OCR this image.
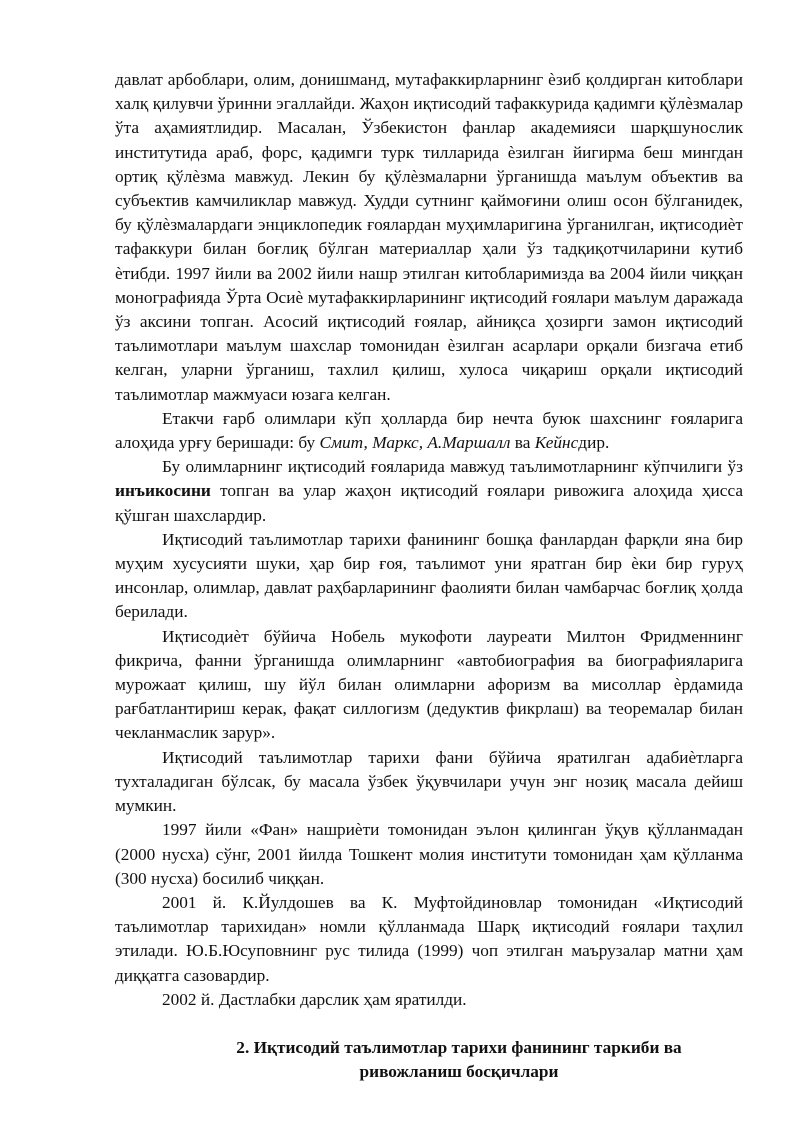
давлат арбоблари, олим, донишманд, мутафаккирларнинг ѐзиб қолдирган китоблари халқ қилувчи ўринни эгаллайди. Жаҳон иқтисодий тафаккурида қадимги қўлѐзмалар ўта аҳамиятлидир. Масалан, Ўзбекистон фанлар академияси шарқшунослик институтида араб, форс, қадимги турк тилларида ѐзилган йигирма беш мингдан ортиқ қўлѐзма мавжуд. Лекин бу қўлѐзмаларни ўрганишда маълум объектив ва субъектив камчиликлар мавжуд. Худди сутнинг қаймоғини олиш осон бўлганидек, бу қўлѐзмалардаги энциклопедик ғоялардан муҳимларигина ўрганилган, иқтисодиѐт тафаккури билан боғлиқ бўлган материаллар ҳали ўз тадқиқотчиларини кутиб ѐтибди. 1997 йили ва 2002 йили нашр этилган китобларимизда ва 2004 йили чиққан монографияда Ўрта Осиѐ мутафаккирларининг иқтисодий ғоялари маълум даражада ўз аксини топган. Асосий иқтисодий ғоялар, айниқса ҳозирги замон иқтисодий таълимотлари маълум шахслар томонидан ѐзилган асарлари орқали бизгача етиб келган, уларни ўрганиш, тахлил қилиш, хулоса чиқариш орқали иқтисодий таълимотлар мажмуаси юзага келган.

Етакчи ғарб олимлари кўп ҳолларда бир нечта буюк шахснинг ғояларига алоҳида урғу беришади: бу Смит, Маркс, А.Маршалл ва Кейнсдир.

Бу олимларнинг иқтисодий ғояларида мавжуд таълимотларнинг кўпчилиги ўз инъикосини топган ва улар жаҳон иқтисодий ғоялари ривожига алоҳида ҳисса қўшган шахслардир.

Иқтисодий таълимотлар тарихи фанининг бошқа фанлардан фарқли яна бир муҳим хусусияти шуки, ҳар бир ғоя, таълимот уни яратган бир ѐки бир гуруҳ инсонлар, олимлар, давлат раҳбарларининг фаолияти билан чамбарчас боғлиқ ҳолда берилади.

Иқтисодиѐт бўйича Нобель мукофоти лауреати Милтон Фридменнинг фикрича, фанни ўрганишда олимларнинг «автобиография ва биографияларига мурожаат қилиш, шу йўл билан олимларни афоризм ва мисоллар ѐрдамида рағбатлантириш керак, фақат силлогизм (дедуктив фикрлаш) ва теоремалар билан чекланмаслик зарур».

Иқтисодий таълимотлар тарихи фани бўйича яратилган адабиѐтларга тухталадиган бўлсак, бу масала ўзбек ўқувчилари учун энг нозиқ масала дейиш мумкин.

1997 йили «Фан» нашриѐти томонидан эълон қилинган ўқув қўлланмадан (2000 нусха) сўнг, 2001 йилда Тошкент молия институти томонидан ҳам қўлланма (300 нусха) босилиб чиққан.

2001 й. К.Йулдошев ва К. Муфтойдиновлар томонидан «Иқтисодий таълимотлар тарихидан» номли қўлланмада Шарқ иқтисодий ғоялари таҳлил этилади. Ю.Б.Юсуповнинг рус тилида (1999) чоп этилган маърузалар матни ҳам диққатга сазовардир.

2002 й. Дастлабки дарслик ҳам яратилди.

2. Иқтисодий таълимотлар тарихи фанининг таркиби ва
ривожланиш босқичлари
